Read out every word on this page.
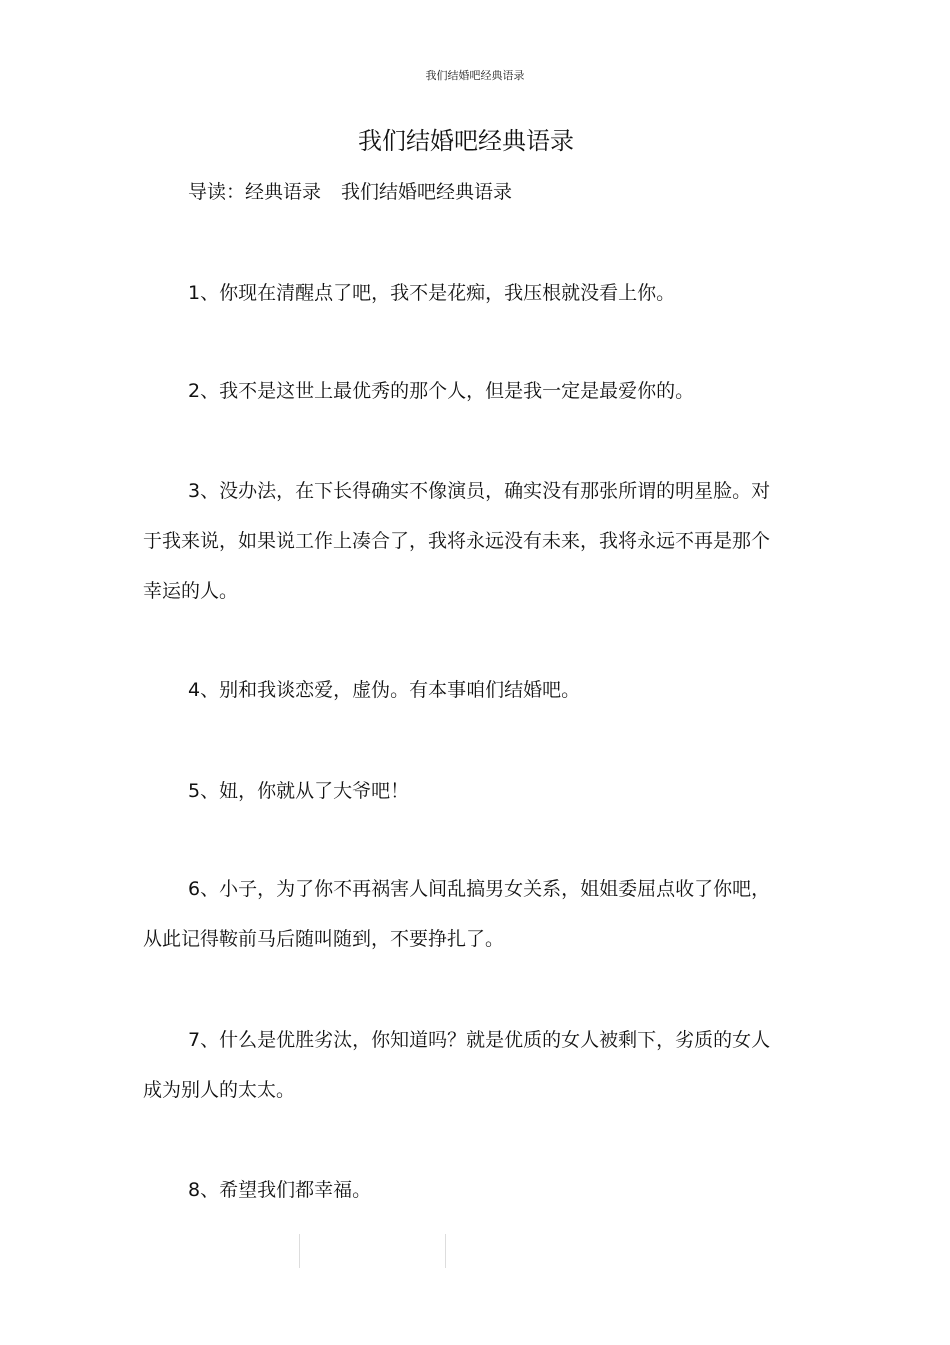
我们结婚吧经典语录
我们结婚吧经典语录
导读：经典语录 我们结婚吧经典语录

1、你现在清醒点了吧，我不是花痴，我压根就没看上你。

2、我不是这世上最优秀的那个人，但是我一定是最爱你的。

3、没办法，在下长得确实不像演员，确实没有那张所谓的明星脸。对于我来说，如果说工作上凑合了，我将永远没有未来，我将永远不再是那个幸运的人。

4、别和我谈恋爱，虚伪。有本事咱们结婚吧。

5、妞，你就从了大爷吧！

6、小子，为了你不再祸害人间乱搞男女关系，姐姐委屈点收了你吧，从此记得鞍前马后随叫随到，不要挣扎了。

7、什么是优胜劣汰，你知道吗？就是优质的女人被剩下，劣质的女人成为别人的太太。

8、希望我们都幸福。
